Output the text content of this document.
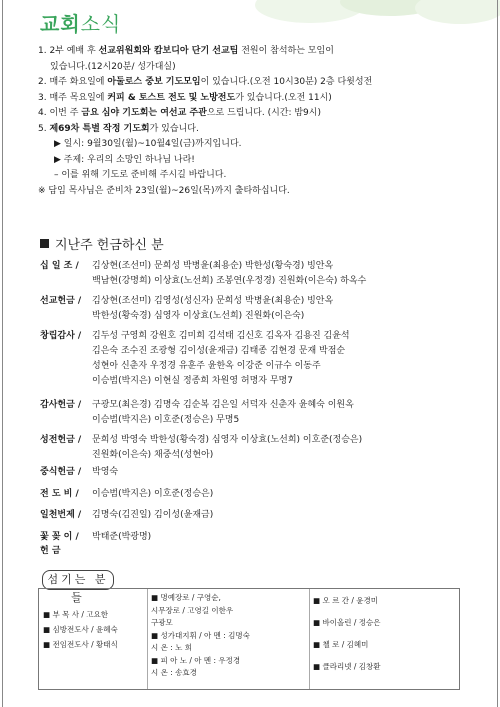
교회소식
1. 2부 예배 후 선교위원회와 캄보디아 단기 선교팀 전원이 참석하는 모임이
있습니다.(12시20분/ 성가대실)
2. 매주 화요일에 아둘로스 중보 기도모임이 있습니다.(오전 10시30분) 2층 다윗성전
3. 매주 목요일에 커피 & 토스트 전도 및 노방전도가 있습니다.(오전 11시)
4. 이번 주 금요 심야 기도회는 여선교 주관으로 드립니다. (시간: 밤9시)
5. 제69차 특별 작정 기도회가 있습니다.
▶ 일시: 9월30일(월)~10월4일(금)까지입니다.
▶ 주제: 우리의 소망인 하나님 나라!
– 이를 위해 기도로 준비해 주시길 바랍니다.
※ 담임 목사님은 준비차 23일(월)~26일(목)까지 출타하십니다.
지난주 헌금하신 분
십 일 조 /	김상현(조선미) 문희성 박병윤(최용순) 박한성(황숙경) 빙안옥
백남현(강명희) 이상효(노선희) 조봉연(우정경) 진원화(이은숙) 하옥수
선교헌금 /	김상현(조선미) 김영성(성신자) 문희성 박병윤(최용순) 빙안옥
박한성(황숙경) 심영자 이상효(노선희) 진원화(이은숙)
창립감사 /	김두성 구영희 강원호 김미희 김석태 김신호 김옥자 김용진 김윤석
김은숙 조수진 조광형 김이성(윤재금) 김태종 김현경 문재 박점순
성현아 신춘자 우정경 유훈주 윤한옥 이강준 이규수 이동주
이승범(박지은) 이현실 정종희 차원영 허명자 무명7
감사헌금 /	구광모(최은경) 김명숙 김순복 김은일 서덕자 신춘자 윤혜숙 이원옥
이승범(박지은) 이호준(정승은) 무명5
성전헌금 /	문희성 박영숙 박한성(황숙경) 심영자 이상효(노선희) 이호준(정승은)
진원화(이은숙) 채중석(성현아)
중식헌금 /	박영숙
전 도 비 /	이승범(박지은) 이호준(정승은)
일천번제 /	김명숙(김진일) 김이성(윤재금)
꽃 꽂 이 /	박태준(박광명)
헌 금
섬기는 분들
■ 부 목 사 / 고요한
■ 심방전도사 / 윤혜숙
■ 전임전도사 / 황태식
■ 명예장로 / 구영순,
시무장로 / 고영길 이한우
구광모
■ 성가대지휘 / 아 멘 : 김명숙
시 온 : 노 희
■ 피 아 노 / 아 멘 : 우정경
시 온 : 송효경
■ 오 르 간 / 윤경미
■ 바이올린 / 정승은
■ 첼 로 / 김혜미
■ 클라리넷 / 김창환
